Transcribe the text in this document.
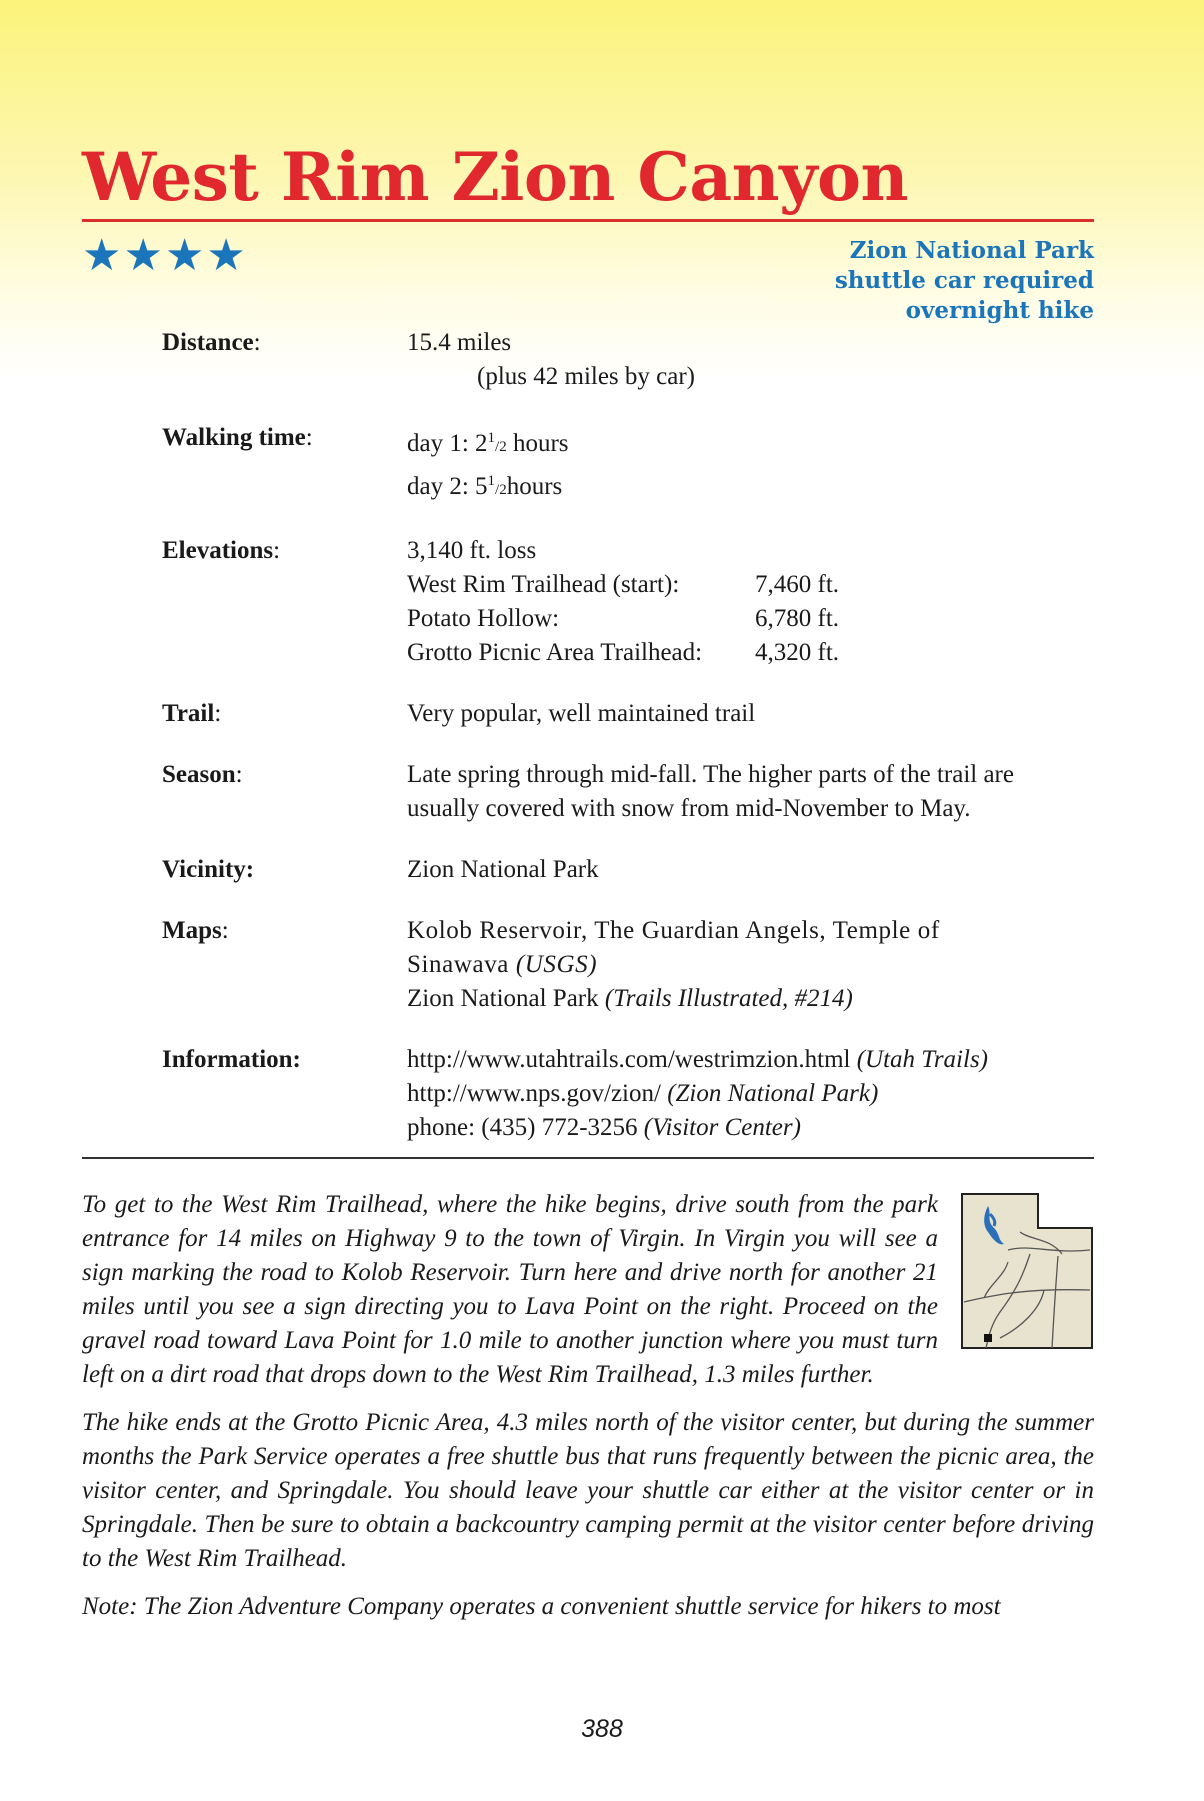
West Rim Zion Canyon
★★★★	Zion National Park
shuttle car required
overnight hike
Distance:	15.4 miles
(plus 42 miles by car)
Walking time:	day 1: $2^1/2$ hours
day 2: $5^1/2hours$
Elevations:	3,140 ft. loss
West Rim Trailhead (start):	7,460 ft.
Potato Hollow:	6,780 ft.
Grotto Picnic Area Trailhead:	4,320 ft.
Trail:	Very popular, well maintained trail
Season:	Late spring through mid-fall. The higher parts of the trail are
usually covered with snow from mid-November to May.
Vicinity:	Zion National Park
Maps:	Kolob Reservoir, The Guardian Angels, Temple of
Sinawava (USGS)
Zion National Park (Trails Illustrated, #214)
Information:	http://www.utahtrails.com/westrimzion.html (Utah Trails)
http://www.nps.gov/zion/ (Zion National Park)
phone: (435) 772-3256 (Visitor Center)

To get to the West Rim Trailhead, where the hike begins, drive south from the park entrance for 14 miles on Highway 9 to the town of Virgin. In Virgin you will see a sign marking the road to Kolob Reservoir. Turn here and drive north for another 21 miles until you see a sign directing you to Lava Point on the right. Proceed on the gravel road toward Lava Point for 1.0 mile to another junction where you must turn left on a dirt road that drops down to the West Rim Trailhead, 1.3 miles further.

The hike ends at the Grotto Picnic Area, 4.3 miles north of the visitor center, but during the summer months the Park Service operates a free shuttle bus that runs frequently between the picnic area, the visitor center, and Springdale. You should leave your shuttle car either at the visitor center or in Springdale. Then be sure to obtain a backcountry camping permit at the visitor center before driving to the West Rim Trailhead.

Note: The Zion Adventure Company operates a convenient shuttle service for hikers to most

388
